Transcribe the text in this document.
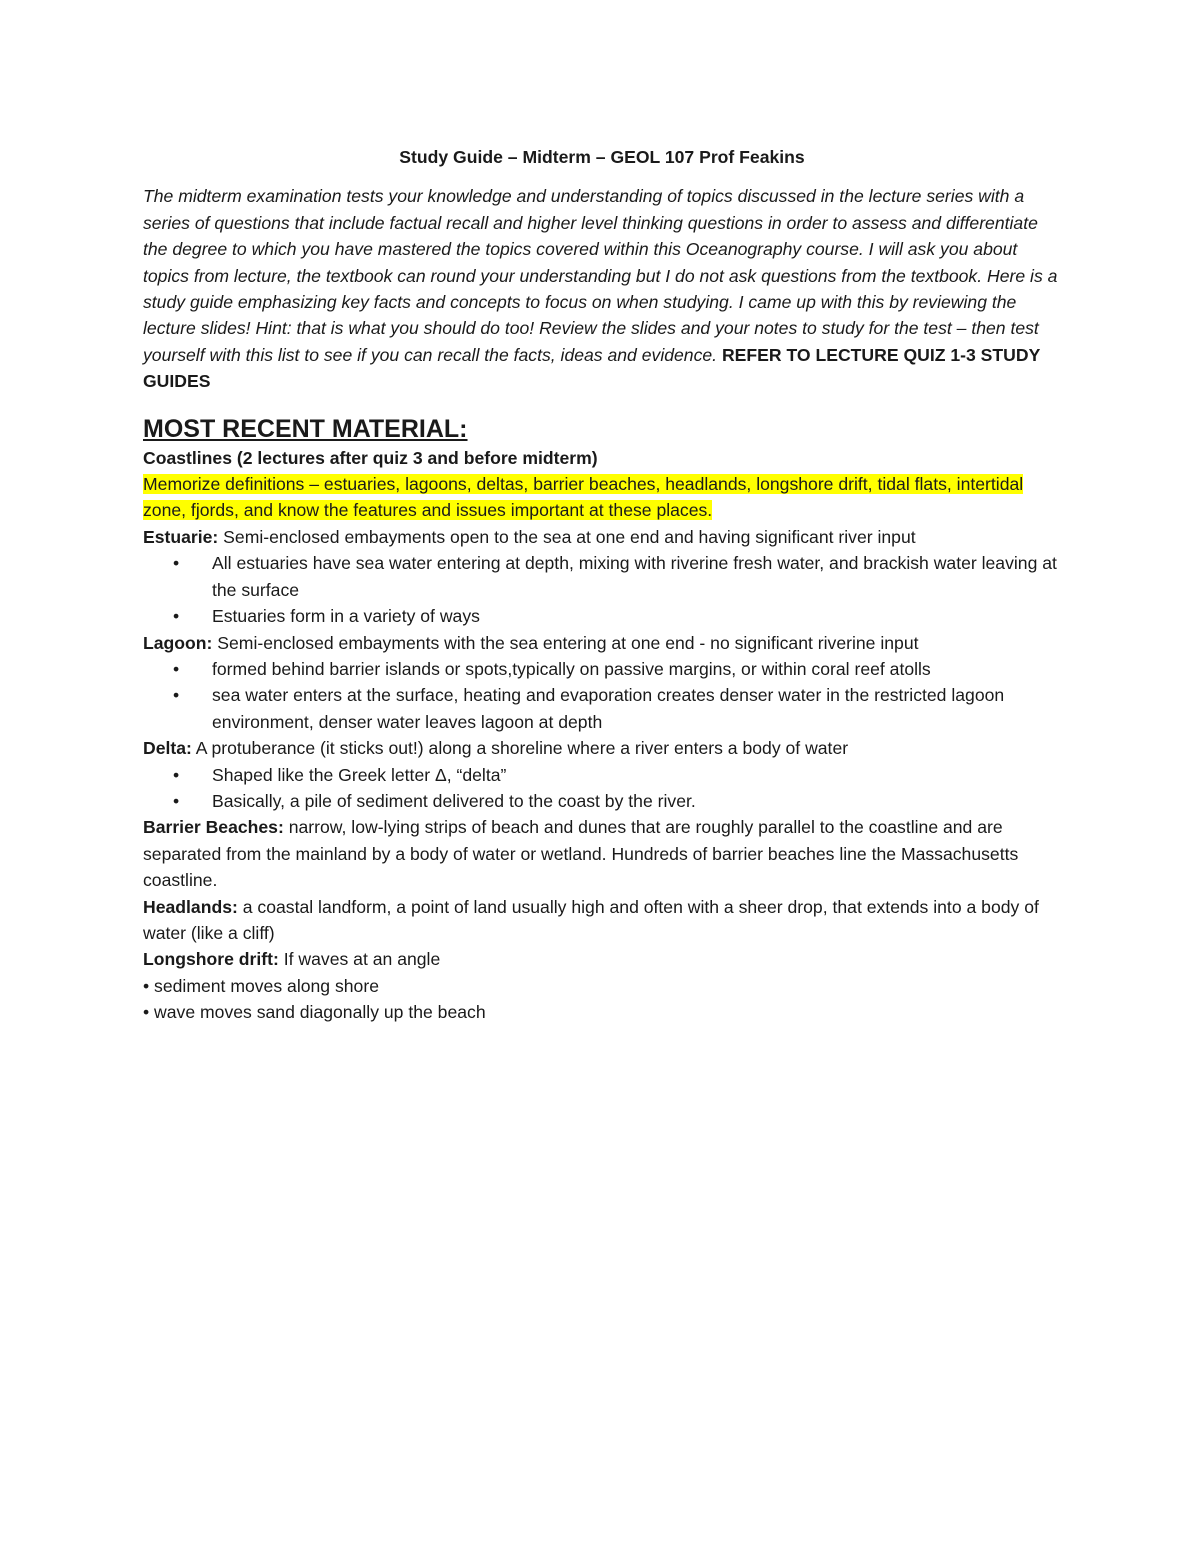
Study Guide – Midterm – GEOL 107 Prof Feakins

The midterm examination tests your knowledge and understanding of topics discussed in the lecture series with a series of questions that include factual recall and higher level thinking questions in order to assess and differentiate the degree to which you have mastered the topics covered within this Oceanography course. I will ask you about topics from lecture, the textbook can round your understanding but I do not ask questions from the textbook. Here is a study guide emphasizing key facts and concepts to focus on when studying. I came up with this by reviewing the lecture slides! Hint: that is what you should do too! Review the slides and your notes to study for the test – then test yourself with this list to see if you can recall the facts, ideas and evidence. REFER TO LECTURE QUIZ 1-3 STUDY GUIDES

MOST RECENT MATERIAL:

Coastlines (2 lectures after quiz 3 and before midterm)

Memorize definitions – estuaries, lagoons, deltas, barrier beaches, headlands, longshore drift, tidal flats, intertidal zone, fjords, and know the features and issues important at these places.

Estuarie: Semi-enclosed embayments open to the sea at one end and having significant river input

• All estuaries have sea water entering at depth, mixing with riverine fresh water, and brackish water leaving at the surface
• Estuaries form in a variety of ways

Lagoon: Semi-enclosed embayments with the sea entering at one end - no significant riverine input

• formed behind barrier islands or spots,typically on passive margins, or within coral reef atolls
• sea water enters at the surface, heating and evaporation creates denser water in the restricted lagoon environment, denser water leaves lagoon at depth

Delta: A protuberance (it sticks out!) along a shoreline where a river enters a body of water

• Shaped like the Greek letter Δ, “delta”
• Basically, a pile of sediment delivered to the coast by the river.

Barrier Beaches: narrow, low-lying strips of beach and dunes that are roughly parallel to the coastline and are separated from the mainland by a body of water or wetland. Hundreds of barrier beaches line the Massachusetts coastline.

Headlands: a coastal landform, a point of land usually high and often with a sheer drop, that extends into a body of water (like a cliff)

Longshore drift: If waves at an angle

• sediment moves along shore

• wave moves sand diagonally up the beach
